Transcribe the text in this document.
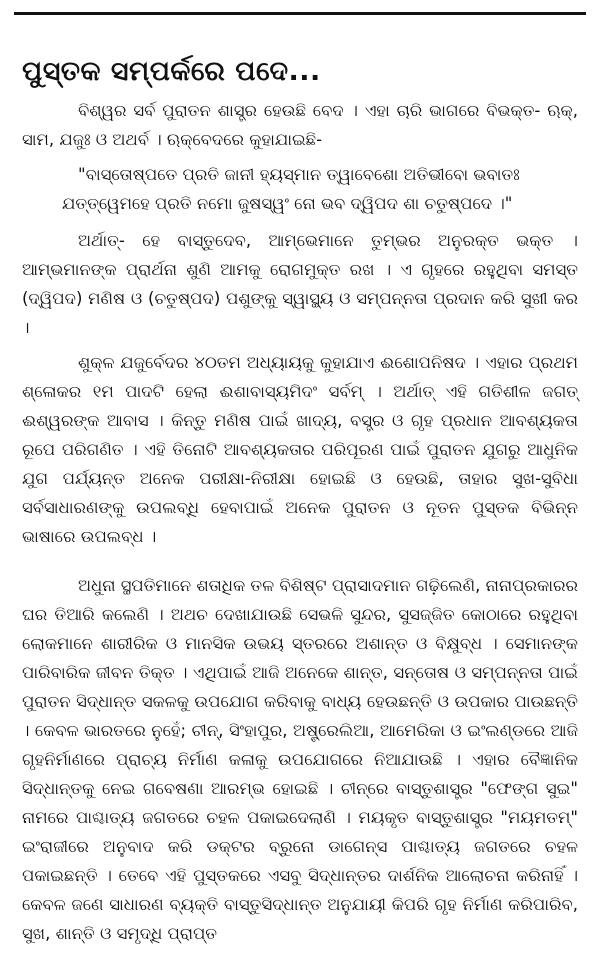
ପୁସ୍ତକ ସମ୍ପର୍କରେ ପଦେ...

ବିଶ୍ୱର ସର୍ବ ପୁରାତନ ଶାସ୍ତ୍ର ହେଉଛି ବେଦ । ଏହା ଚାରି ଭାଗରେ ବିଭକ୍ତ- ଋକ୍‌, ସାମ, ଯଜୁଃ ଓ ଅଥର୍ବ । ଋକ୍‌ବେଦରେ କୁହାଯାଇଛି-

"ବାସ୍ତୋଷ୍ପତେ ପ୍ରତି ଜାନୀ ହ୍ୟସ୍ମାନ ତ୍ୱାବେଶୋ ଅତିଭୀବୋ ଭବାତଃ ଯତ୍‌ତ୍ୱେମହେ ପ୍ରତି ନମୋ ଜୁଷସ୍ୱଂ ନୋ ଭବ ଦ୍ୱିପଦ ଶା ଚତୁଷ୍ପଦେ ।"

ଅର୍ଥାତ୍‌- ହେ ବାସ୍ତୁଦେବ, ଆମ୍ଭେମାନେ ତୁମ୍ଭର ଅନୁରକ୍ତ ଭକ୍ତ । ଆମ୍ଭମାନଙ୍କ ପ୍ରାର୍ଥନା ଶୁଣି ଆମକୁ ରୋଗମୁକ୍ତ ରଖ । ଏ ଗୃହରେ ରହୁଥିବା ସମସ୍ତ (ଦ୍ୱିପଦ) ମଣିଷ ଓ (ଚତୁଷ୍ପଦ) ପଶୁଙ୍କୁ ସ୍ୱାସ୍ଥ୍ୟ ଓ ସମ୍ପନ୍ନତା ପ୍ରଦାନ କରି ସୁଖୀ କର ।

ଶୁକ୍ଳ ଯଜୁର୍ବେଦର ୪୦ତମ ଅଧ୍ୟାୟକୁ କୁହାଯାଏ ଈଶୋପନିଷଦ । ଏହାର ପ୍ରଥମ ଶ୍ଳୋକର ୧ମ ପାଦଟି ହେଲା ଈଶାବାସ୍ୟମିଦଂ ସର୍ବମ୍‌ । ଅର୍ଥାତ୍‌ ଏହି ଗତିଶୀଳ ଜଗତ୍‌ ଈଶ୍ୱରଙ୍କ ଆବାସ । କିନ୍ତୁ ମଣିଷ ପାଇଁ ଖାଦ୍ୟ, ବସ୍ତ୍ର ଓ ଗୃହ ପ୍ରଧାନ ଆବଶ୍ୟକତା ରୂପେ ପରିଗଣିତ । ଏହି ତିନୋଟି ଆବଶ୍ୟକତାର ପରିପୂରଣ ପାଇଁ ପୁରାତନ ଯୁଗରୁ ଆଧୁନିକ ଯୁଗ ପର୍ଯ୍ୟନ୍ତ ଅନେକ ପରୀକ୍ଷା-ନିରୀକ୍ଷା ହୋଇଛି ଓ ହେଉଛି, ତାହାର ସୁଖ-ସୁବିଧା ସର୍ବସାଧାରଣଙ୍କୁ ଉପଲବ୍ଧି ହେବାପାଇଁ ଅନେକ ପୁରାତନ ଓ ନୂତନ ପୁସ୍ତକ ବିଭିନ୍ନ ଭାଷାରେ ଉପଲବ୍ଧ ।

ଅଧୁନା ସ୍ଥପତିମାନେ ଶତାଧିକ ତଳ ବିଶିଷ୍ଟ ପ୍ରାସାଦମାନ ଗଢ଼ିଲେଣି, ନାନାପ୍ରକାରର ଘର ତିଆରି କଲେଣି । ଅଥଚ ଦେଖାଯାଉଛି ସେଭଳି ସୁନ୍ଦର, ସୁସଜ୍ଜିତ କୋଠାରେ ରହୁଥିବା ଲୋକମାନେ ଶାରୀରିକ ଓ ମାନସିକ ଉଭୟ ସ୍ତରରେ ଅଶାନ୍ତ ଓ ବିକ୍ଷୁବ୍ଧ । ସେମାନଙ୍କ ପାରିବାରିକ ଜୀବନ ତିକ୍ତ । ଏଥିପାଇଁ ଆଜି ଅନେକେ ଶାନ୍ତ, ସନ୍ତୋଷ ଓ ସମ୍ପନ୍ନତା ପାଇଁ ପୁରାତନ ସିଦ୍ଧାନ୍ତ ସକଳକୁ ଉପଯୋଗ କରିବାକୁ ବାଧ୍ୟ ହେଉଛନ୍ତି ଓ ଉପକାର ପାଉଛନ୍ତି । କେବଳ ଭାରତରେ ନୁହେଁ; ଚୀନ୍‌, ସିଂହାପୁର, ଅଷ୍ଟ୍ରେଲିଆ, ଆମେରିକା ଓ ଇଂଲଣ୍ଡରେ ଆଜି ଗୃହନିର୍ମାଣରେ ପ୍ରାଚ୍ୟ ନିର୍ମାଣ କଳାକୁ ଉପଯୋଗରେ ନିଆଯାଉଛି । ଏହାର ବୈଜ୍ଞାନିକ ସିଦ୍ଧାନ୍ତକୁ ନେଇ ଗବେଷଣା ଆରମ୍ଭ ହୋଇଛି । ଚୀନ୍‌ରେ ବାସ୍ତୁଶାସ୍ତ୍ର "ଫେଙ୍ଗ ସୁଇ" ନାମରେ ପାଶ୍ଚାତ୍ୟ ଜଗତରେ ଚହଳ ପକାଇଦେଲାଣି । ମୟକୃତ ବାସ୍ତୁଶାସ୍ତ୍ର "ମୟମତମ୍‌" ଇଂରାଜୀରେ ଅନୁବାଦ କରି ଡକ୍ଟର ବ୍ରୁନୋ ଡାଗେନ୍‌ସ ପାଶ୍ଚାତ୍ୟ ଜଗତରେ ଚହଳ ପକାଇଛନ୍ତି । ତେବେ ଏହି ପୁସ୍ତକରେ ଏସବୁ ସିଦ୍ଧାନ୍ତର ଦାର୍ଶନିକ ଆଲୋଚନା କରିନାହିଁ । କେବଳ ଜଣେ ସାଧାରଣ ବ୍ୟକ୍ତି ବାସ୍ତୁସିଦ୍ଧାନ୍ତ ଅନୁଯାୟୀ କିପରି ଗୃହ ନିର୍ମାଣ କରିପାରିବ, ସୁଖ, ଶାନ୍ତି ଓ ସମୃଦ୍ଧି ପ୍ରାପ୍ତ
